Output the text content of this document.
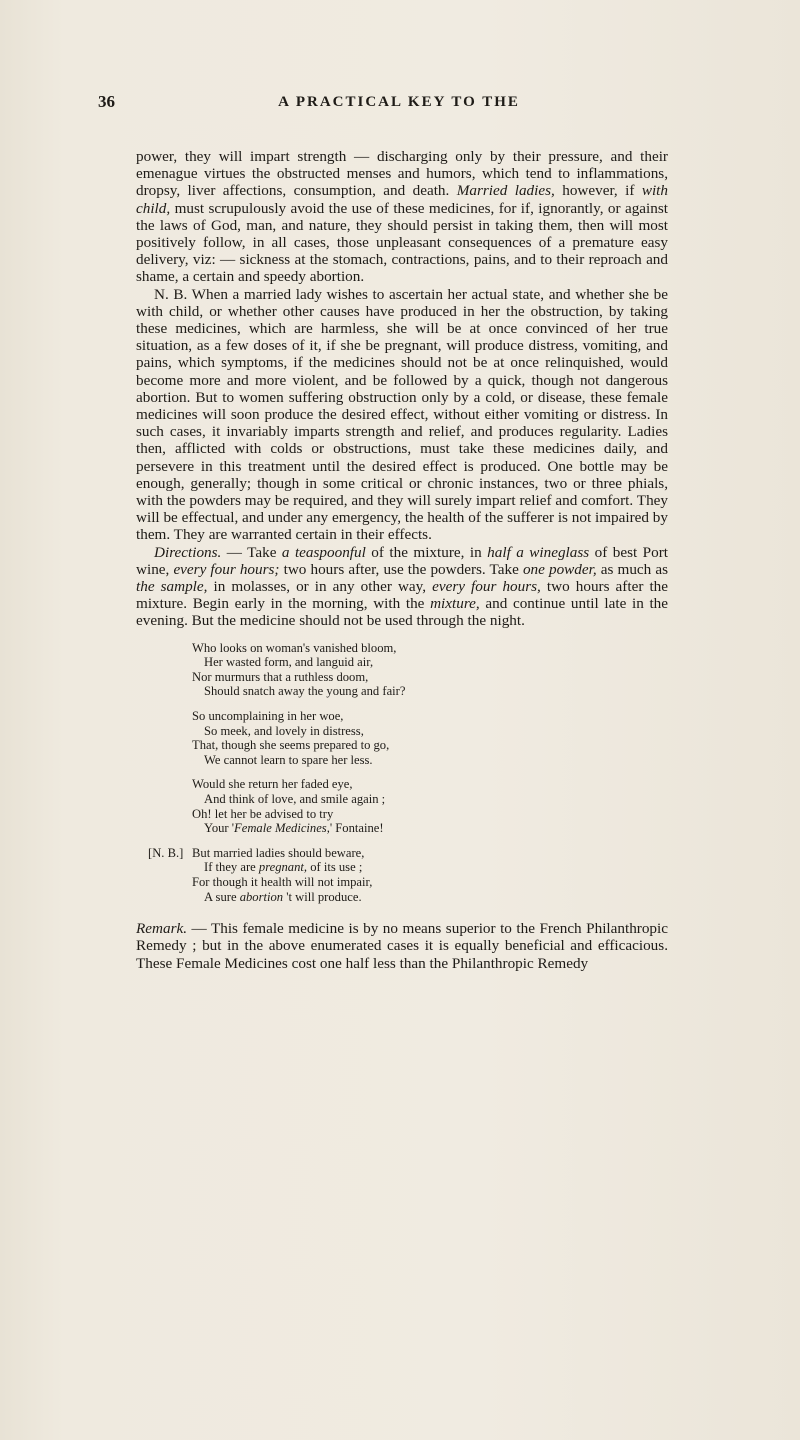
36	A PRACTICAL KEY TO THE

power, they will impart strength — discharging only by their pressure, and their emenague virtues the obstructed menses and humors, which tend to inflammations, dropsy, liver affections, consumption, and death. Married ladies, however, if with child, must scrupulously avoid the use of these medicines, for if, ignorantly, or against the laws of God, man, and nature, they should persist in taking them, then will most positively follow, in all cases, those unpleasant consequences of a premature easy delivery, viz: — sickness at the stomach, contractions, pains, and to their reproach and shame, a certain and speedy abortion.

N. B. When a married lady wishes to ascertain her actual state, and whether she be with child, or whether other causes have produced in her the obstruction, by taking these medicines, which are harmless, she will be at once convinced of her true situation, as a few doses of it, if she be pregnant, will produce distress, vomiting, and pains, which symptoms, if the medicines should not be at once relinquished, would become more and more violent, and be followed by a quick, though not dangerous abortion. But to women suffering obstruction only by a cold, or disease, these female medicines will soon produce the desired effect, without either vomiting or distress. In such cases, it invariably imparts strength and relief, and produces regularity. Ladies then, afflicted with colds or obstructions, must take these medicines daily, and persevere in this treatment until the desired effect is produced. One bottle may be enough, generally; though in some critical or chronic instances, two or three phials, with the powders may be required, and they will surely impart relief and comfort. They will be effectual, and under any emergency, the health of the sufferer is not impaired by them. They are warranted certain in their effects.

Directions. — Take a teaspoonful of the mixture, in half a wineglass of best Port wine, every four hours; two hours after, use the powders. Take one powder, as much as the sample, in molasses, or in any other way, every four hours, two hours after the mixture. Begin early in the morning, with the mixture, and continue until late in the evening. But the medicine should not be used through the night.

Who looks on woman's vanished bloom,
Her wasted form, and languid air,
Nor murmurs that a ruthless doom,
Should snatch away the young and fair?
So uncomplaining in her woe,
So meek, and lovely in distress,
That, though she seems prepared to go,
We cannot learn to spare her less.
Would she return her faded eye,
And think of love, and smile again ;
Oh! let her be advised to try
Your 'Female Medicines,' Fontaine!
[N. B.] But married ladies should beware,
If they are pregnant, of its use ;
For though it health will not impair,
A sure abortion 't will produce.

Remark. — This female medicine is by no means superior to the French Philanthropic Remedy ; but in the above enumerated cases it is equally beneficial and efficacious. These Female Medicines cost one half less than the Philanthropic Remedy
